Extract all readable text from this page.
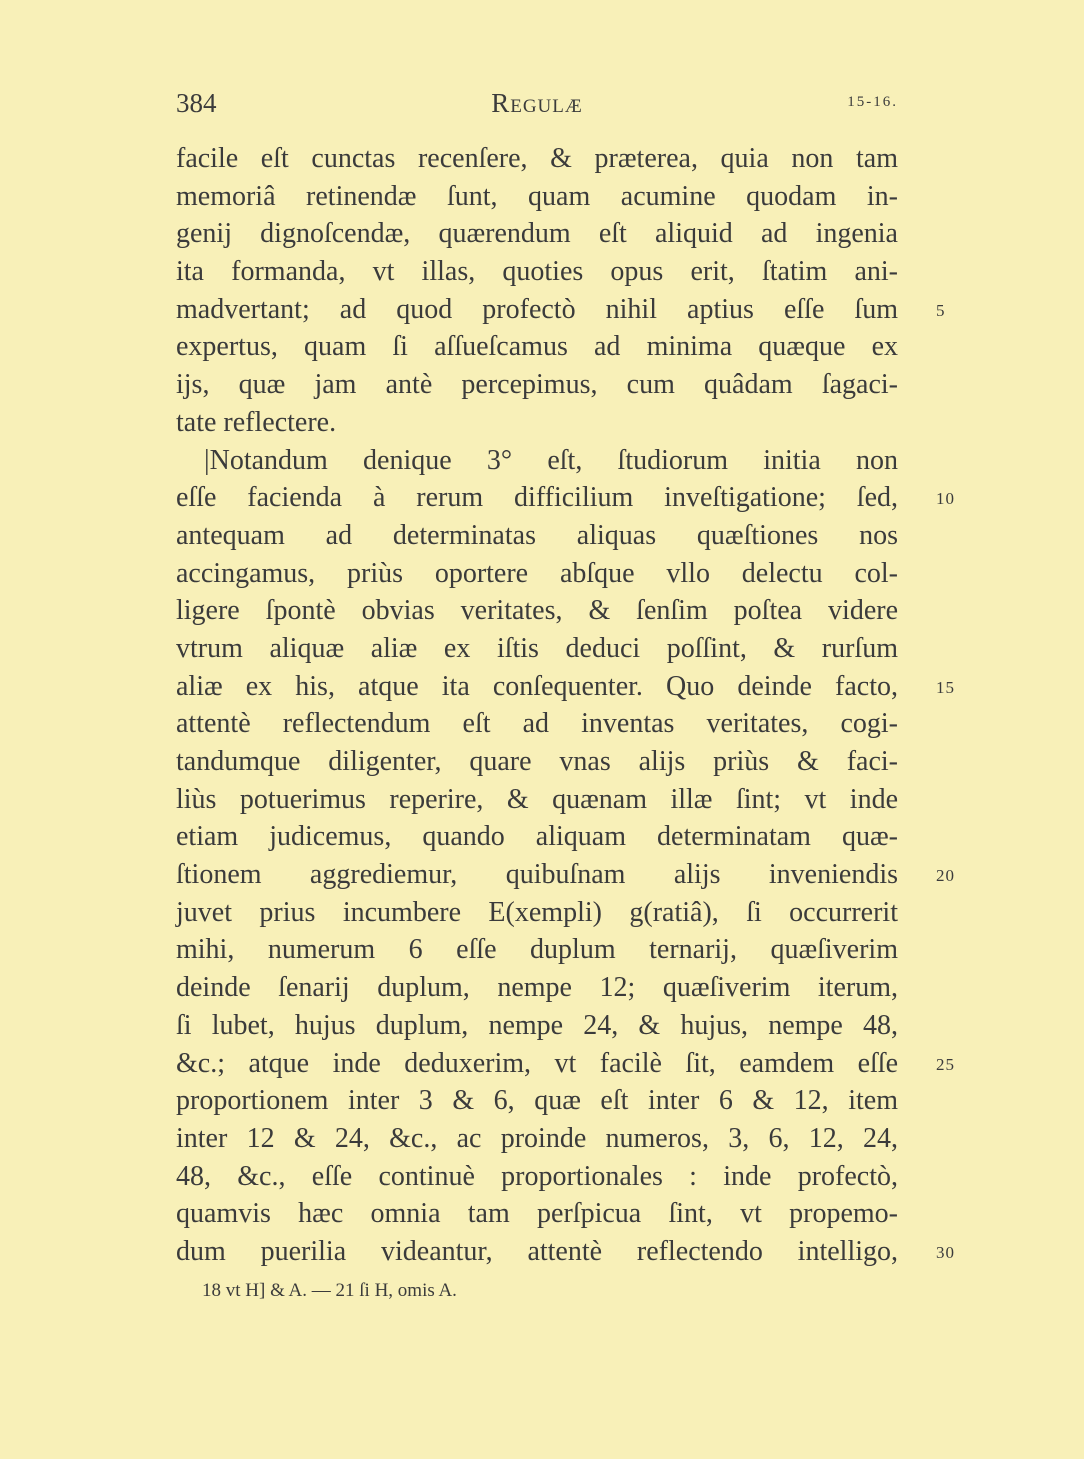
384	Regulæ	15-16.
facile eſt cunctas recenſere, & præterea, quia non tam
memoriâ retinendæ ſunt, quam acumine quodam in-
genij dignoſcendæ, quærendum eſt aliquid ad ingenia
ita formanda, vt illas, quoties opus erit, ſtatim ani-
madvertant; ad quod profectò nihil aptius eſſe ſum 5
expertus, quam ſi aſſueſcamus ad minima quæque ex
ijs, quæ jam antè percepimus, cum quâdam ſagaci-
tate reflectere.
|Notandum denique 3° eſt, ſtudiorum initia non
eſſe facienda à rerum difficilium inveſtigatione; ſed, 10
antequam ad determinatas aliquas quæſtiones nos
accingamus, priùs oportere abſque vllo delectu col-
ligere ſpontè obvias veritates, & ſenſim poſtea videre
vtrum aliquæ aliæ ex iſtis deduci poſſint, & rurſum
aliæ ex his, atque ita conſequenter. Quo deinde facto, 15
attentè reflectendum eſt ad inventas veritates, cogi-
tandumque diligenter, quare vnas alijs priùs & faci-
liùs potuerimus reperire, & quænam illæ ſint; vt inde
etiam judicemus, quando aliquam determinatam quæ-
ſtionem aggrediemur, quibuſnam alijs inveniendis 20
juvet prius incumbere E(xempli) g(ratiâ), ſi occurrerit
mihi, numerum 6 eſſe duplum ternarij, quæſiverim
deinde ſenarij duplum, nempe 12; quæſiverim iterum,
ſi lubet, hujus duplum, nempe 24, & hujus, nempe 48,
&c.; atque inde deduxerim, vt facilè ſit, eamdem eſſe 25
proportionem inter 3 & 6, quæ eſt inter 6 & 12, item
inter 12 & 24, &c., ac proinde numeros, 3, 6, 12, 24,
48, &c., eſſe continuè proportionales : inde profectò,
quamvis hæc omnia tam perſpicua ſint, vt propemo-
dum puerilia videantur, attentè reflectendo intelligo, 30
18 vt H] & A. — 21 ſi H, omis A.
